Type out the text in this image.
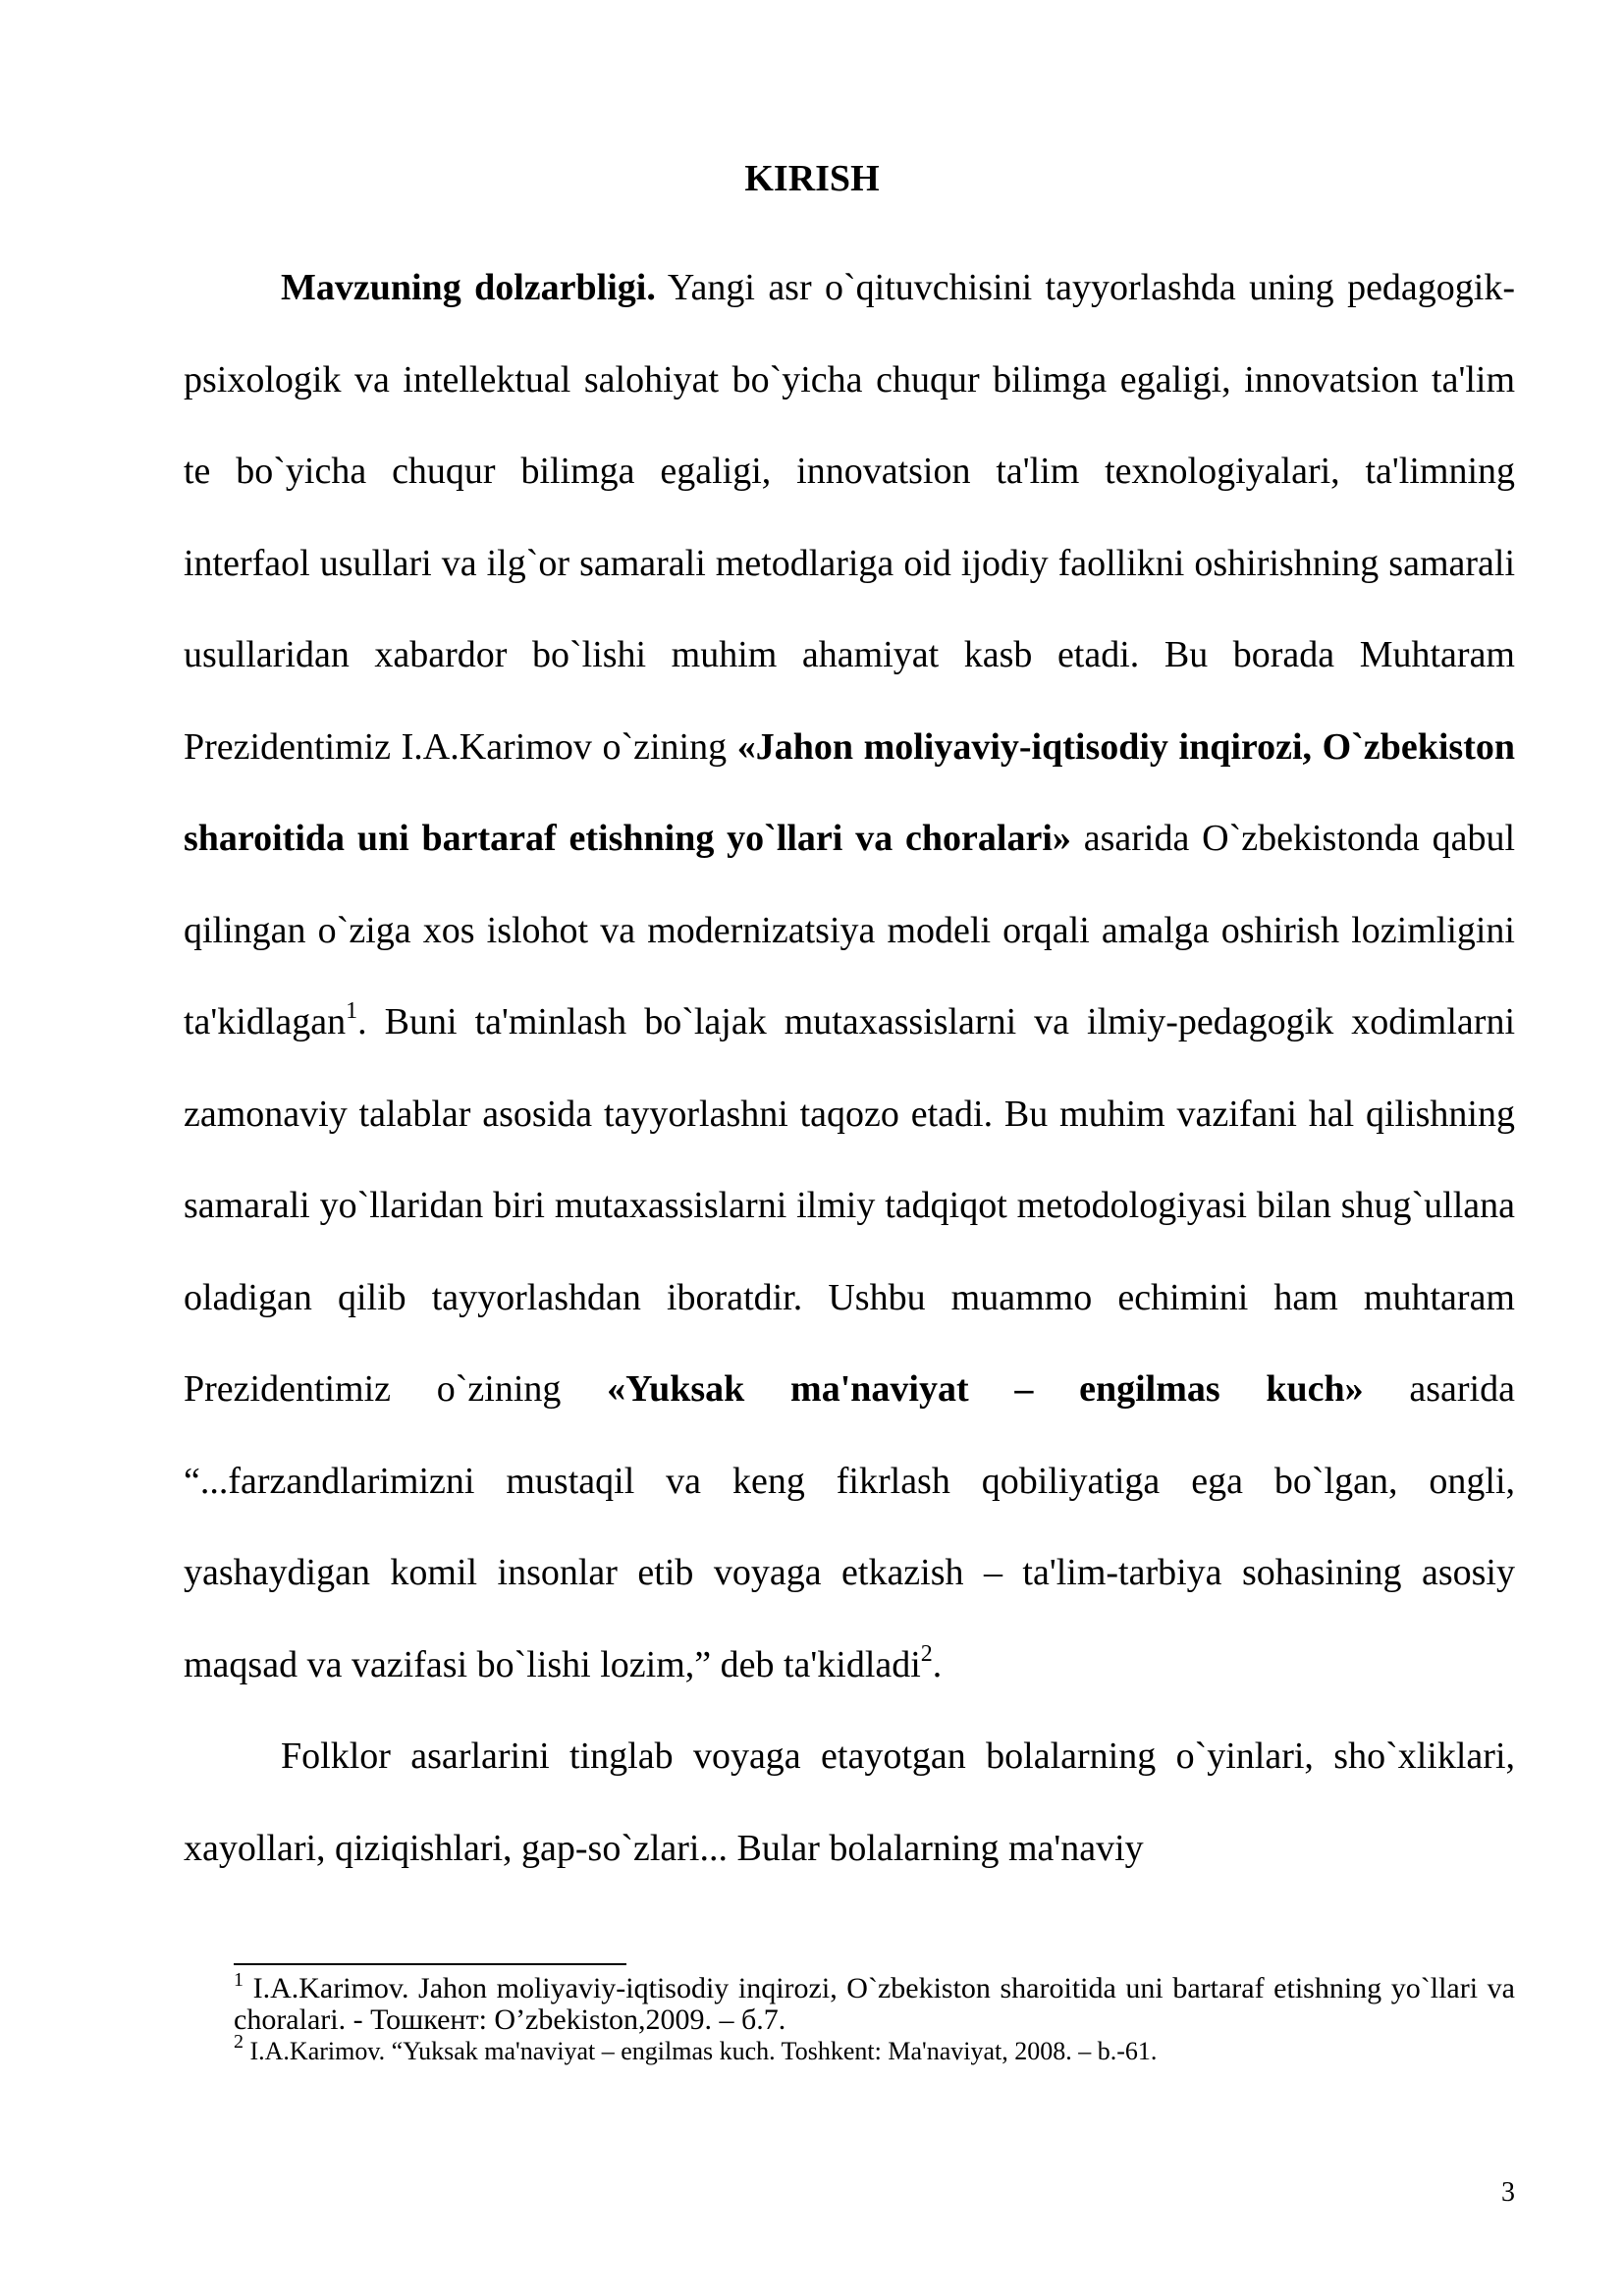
KIRISH

Mavzuning dolzarbligi. Yangi asr o`qituvchisini tayyorlashda uning pedagogik-psixologik va intellektual salohiyat bo`yicha chuqur bilimga egaligi, innovatsion ta'lim te bo`yicha chuqur bilimga egaligi, innovatsion ta'lim texnologiyalari, ta'limning interfaol usullari va ilg`or samarali metodlariga oid ijodiy faollikni oshirishning samarali usullaridan xabardor bo`lishi muhim ahamiyat kasb etadi. Bu borada Muhtaram Prezidentimiz I.A.Karimov o`zining «Jahon moliyaviy-iqtisodiy inqirozi, O`zbekiston sharoitida uni bartaraf etishning yo`llari va choralari» asarida O`zbekistonda qabul qilingan o`ziga xos islohot va modernizatsiya modeli orqali amalga oshirish lozimligini ta'kidlagan$^1$. Buni ta'minlash bo`lajak mutaxassislarni va ilmiy-pedagogik xodimlarni zamonaviy talablar asosida tayyorlashni taqozo etadi. Bu muhim vazifani hal qilishning samarali yo`llaridan biri mutaxassislarni ilmiy tadqiqot metodologiyasi bilan shug`ullana oladigan qilib tayyorlashdan iboratdir. Ushbu muammo echimini ham muhtaram Prezidentimiz o`zining «Yuksak ma'naviyat – engilmas kuch» asarida “...farzandlarimizni mustaqil va keng fikrlash qobiliyatiga ega bo`lgan, ongli, yashaydigan komil insonlar etib voyaga etkazish – ta'lim-tarbiya sohasining asosiy maqsad va vazifasi bo`lishi lozim,” deb ta'kidladi$^2$.

Folklor asarlarini tinglab voyaga etayotgan bolalarning o`yinlari, sho`xliklari, xayollari, qiziqishlari, gap-so`zlari... Bular bolalarning ma'naviy

$^1$ I.A.Karimov. Jahon moliyaviy-iqtisodiy inqirozi, O`zbekiston sharoitida uni bartaraf etishning yo`llari va choralari. - Тошкент: O’zbekiston,2009. – б.7.

$^2$ I.A.Karimov. “Yuksak ma'naviyat – engilmas kuch. Toshkent: Ma'naviyat, 2008. – b.-61.

3
